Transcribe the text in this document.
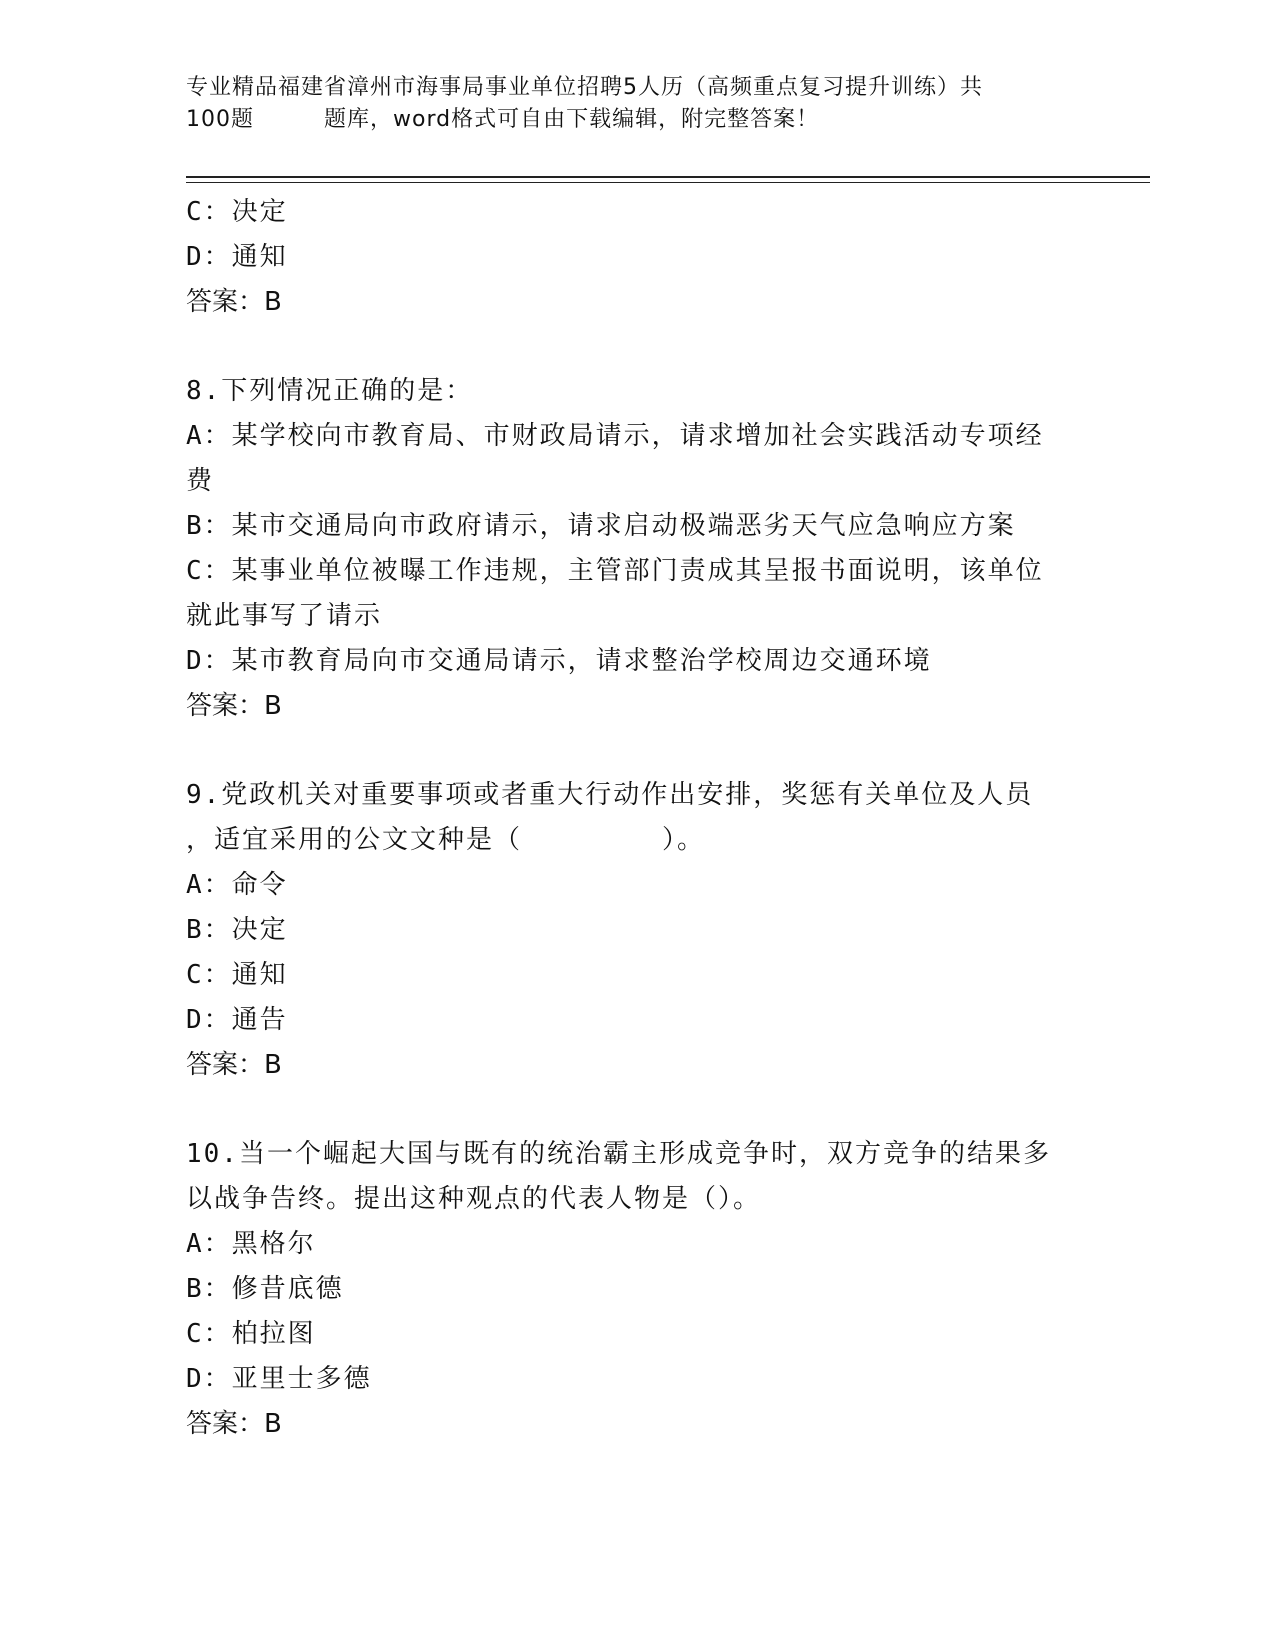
专业精品福建省漳州市海事局事业单位招聘5人历（高频重点复习提升训练）共
100题	题库，word格式可自由下载编辑，附完整答案！

C：决定

D：通知

答案：B

8.下列情况正确的是：

A：某学校向市教育局、市财政局请示，请求增加社会实践活动专项经

费

B：某市交通局向市政府请示，请求启动极端恶劣天气应急响应方案

C：某事业单位被曝工作违规，主管部门责成其呈报书面说明，该单位

就此事写了请示

D：某市教育局向市交通局请示，请求整治学校周边交通环境

答案：B

9.党政机关对重要事项或者重大行动作出安排，奖惩有关单位及人员

，适宜采用的公文文种是（　　　　　）。

A：命令

B：决定

C：通知

D：通告

答案：B

10.当一个崛起大国与既有的统治霸主形成竞争时，双方竞争的结果多

以战争告终。提出这种观点的代表人物是（）。

A：黑格尔

B：修昔底德

C：柏拉图

D：亚里士多德

答案：B
